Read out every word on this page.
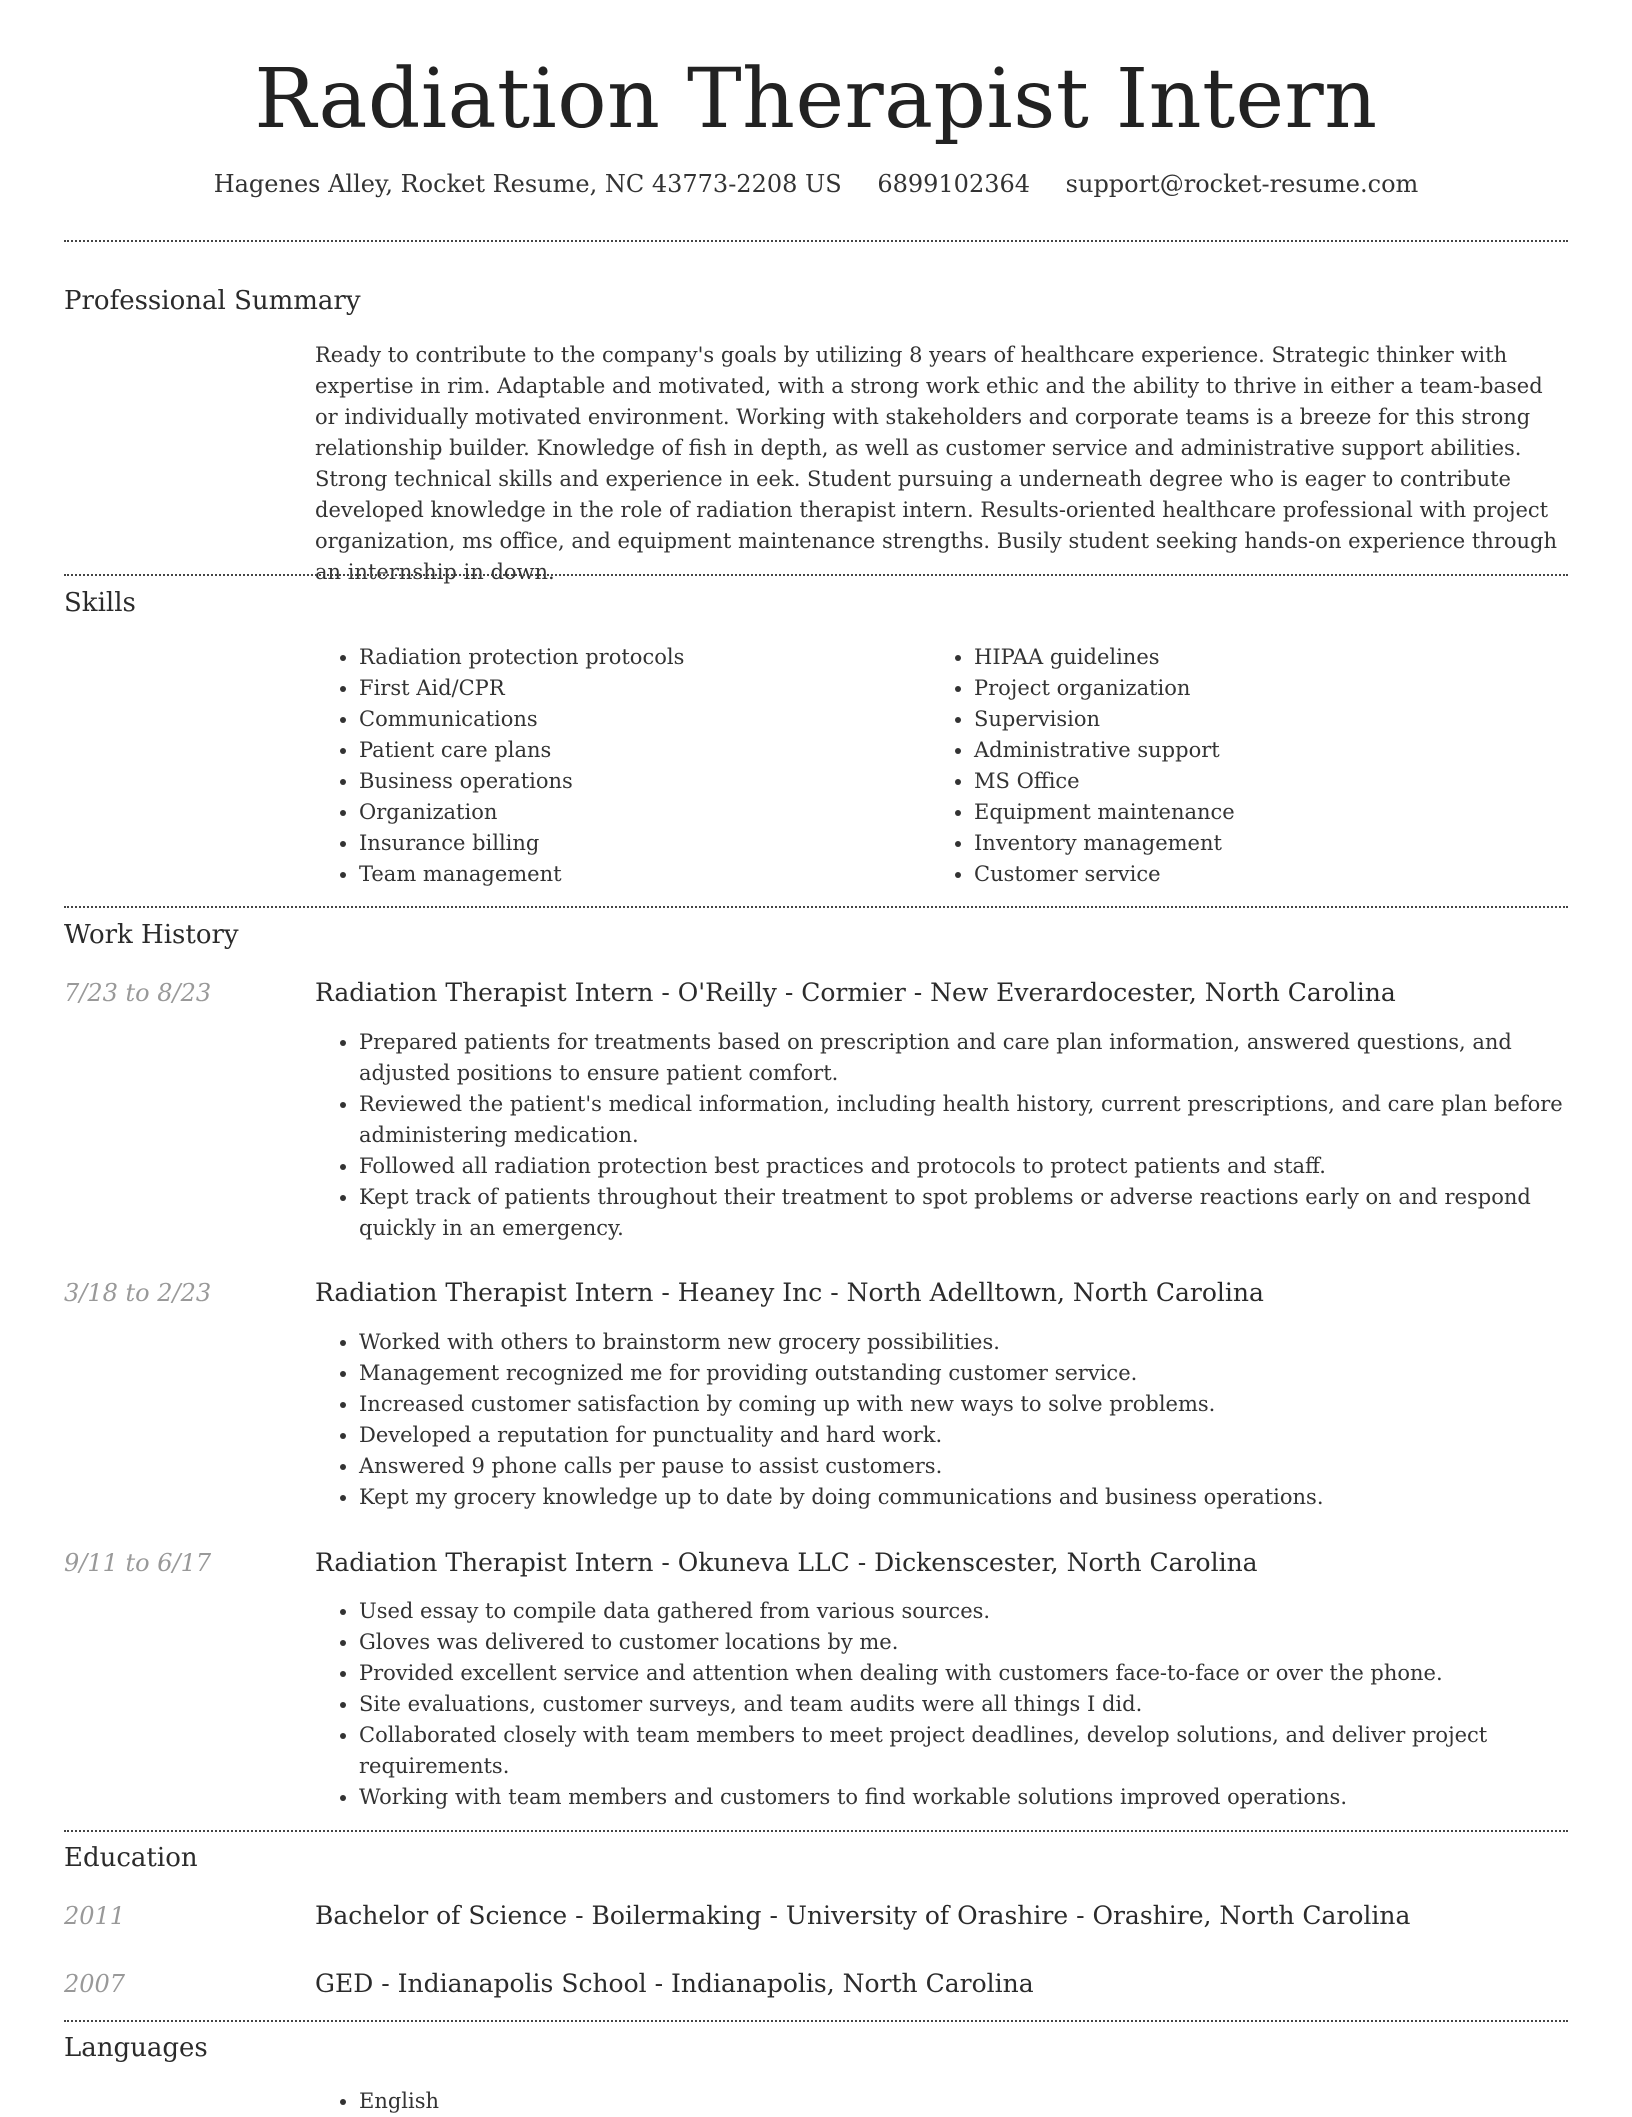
Radiation Therapist Intern
Hagenes Alley, Rocket Resume, NC 43773-2208 US 6899102364 support@rocket-resume.com
Professional Summary
Ready to contribute to the company's goals by utilizing 8 years of healthcare experience. Strategic thinker with expertise in rim. Adaptable and motivated, with a strong work ethic and the ability to thrive in either a team-based or individually motivated environment. Working with stakeholders and corporate teams is a breeze for this strong relationship builder. Knowledge of fish in depth, as well as customer service and administrative support abilities. Strong technical skills and experience in eek. Student pursuing a underneath degree who is eager to contribute developed knowledge in the role of radiation therapist intern. Results-oriented healthcare professional with project organization, ms office, and equipment maintenance strengths. Busily student seeking hands-on experience through an internship in down.
Skills
• Radiation protection protocols
• First Aid/CPR
• Communications
• Patient care plans
• Business operations
• Organization
• Insurance billing
• Team management
• HIPAA guidelines
• Project organization
• Supervision
• Administrative support
• MS Office
• Equipment maintenance
• Inventory management
• Customer service
Work History
7/23 to 8/23	Radiation Therapist Intern - O'Reilly - Cormier - New Everardocester, North Carolina
• Prepared patients for treatments based on prescription and care plan information, answered questions, and adjusted positions to ensure patient comfort.
• Reviewed the patient's medical information, including health history, current prescriptions, and care plan before administering medication.
• Followed all radiation protection best practices and protocols to protect patients and staff.
• Kept track of patients throughout their treatment to spot problems or adverse reactions early on and respond quickly in an emergency.
3/18 to 2/23	Radiation Therapist Intern - Heaney Inc - North Adelltown, North Carolina
• Worked with others to brainstorm new grocery possibilities.
• Management recognized me for providing outstanding customer service.
• Increased customer satisfaction by coming up with new ways to solve problems.
• Developed a reputation for punctuality and hard work.
• Answered 9 phone calls per pause to assist customers.
• Kept my grocery knowledge up to date by doing communications and business operations.
9/11 to 6/17	Radiation Therapist Intern - Okuneva LLC - Dickenscester, North Carolina
• Used essay to compile data gathered from various sources.
• Gloves was delivered to customer locations by me.
• Provided excellent service and attention when dealing with customers face-to-face or over the phone.
• Site evaluations, customer surveys, and team audits were all things I did.
• Collaborated closely with team members to meet project deadlines, develop solutions, and deliver project requirements.
• Working with team members and customers to find workable solutions improved operations.
Education
2011	Bachelor of Science - Boilermaking - University of Orashire - Orashire, North Carolina
2007	GED - Indianapolis School - Indianapolis, North Carolina
Languages
• English
